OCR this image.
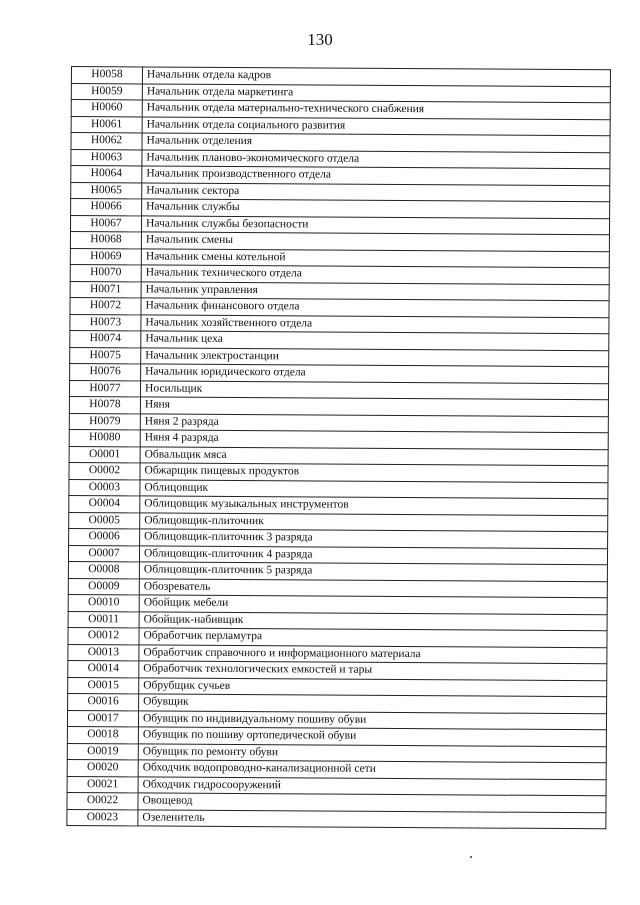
130
Н0058	Начальник отдела кадров
Н0059	Начальник отдела маркетинга
Н0060	Начальник отдела материально-технического снабжения
Н0061	Начальник отдела социального развития
Н0062	Начальник отделения
Н0063	Начальник планово-экономического отдела
Н0064	Начальник производственного отдела
Н0065	Начальник сектора
Н0066	Начальник службы
Н0067	Начальник службы безопасности
Н0068	Начальник смены
Н0069	Начальник смены котельной
Н0070	Начальник технического отдела
Н0071	Начальник управления
Н0072	Начальник финансового отдела
Н0073	Начальник хозяйственного отдела
Н0074	Начальник цеха
Н0075	Начальник электростанции
Н0076	Начальник юридического отдела
Н0077	Носильщик
Н0078	Няня
Н0079	Няня 2 разряда
Н0080	Няня 4 разряда
О0001	Обвальщик мяса
О0002	Обжарщик пищевых продуктов
О0003	Облицовщик
О0004	Облицовщик музыкальных инструментов
О0005	Облицовщик-плиточник
О0006	Облицовщик-плиточник 3 разряда
О0007	Облицовщик-плиточник 4 разряда
О0008	Облицовщик-плиточник 5 разряда
О0009	Обозреватель
О0010	Обойщик мебели
О0011	Обойщик-набивщик
О0012	Обработчик перламутра
О0013	Обработчик справочного и информационного материала
О0014	Обработчик технологических емкостей и тары
О0015	Обрубщик сучьев
О0016	Обувщик
О0017	Обувщик по индивидуальному пошиву обуви
О0018	Обувщик по пошиву ортопедической обуви
О0019	Обувщик по ремонту обуви
О0020	Обходчик водопроводно-канализационной сети
О0021	Обходчик гидросооружений
О0022	Овощевод
О0023	Озеленитель
